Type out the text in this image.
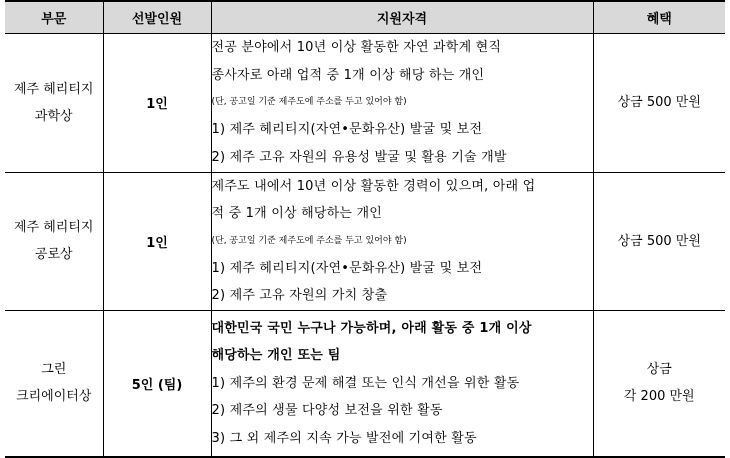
부문	선발인원	지원자격	혜택

제주 헤리티지
과학상	1인	전공 분야에서 10년 이상 활동한 자연 과학계 현직
종사자로 아래 업적 중 1개 이상 해당 하는 개인
(단, 공고일 기준 제주도에 주소를 두고 있어야 함)
1) 제주 헤리티지(자연•문화유산) 발굴 및 보전
2) 제주 고유 자원의 유용성 발굴 및 활용 기술 개발	상금 500 만원

제주 헤리티지
공로상	1인	제주도 내에서 10년 이상 활동한 경력이 있으며, 아래 업
적 중 1개 이상 해당하는 개인
(단, 공고일 기준 제주도에 주소를 두고 있어야 함)
1) 제주 헤리티지(자연•문화유산) 발굴 및 보전
2) 제주 고유 자원의 가치 창출	상금 500 만원

그린
크리에이터상	5인 (팀)	대한민국 국민 누구나 가능하며, 아래 활동 중 1개 이상
해당하는 개인 또는 팀
1) 제주의 환경 문제 해결 또는 인식 개선을 위한 활동
2) 제주의 생물 다양성 보전을 위한 활동
3) 그 외 제주의 지속 가능 발전에 기여한 활동	상금
각 200 만원
